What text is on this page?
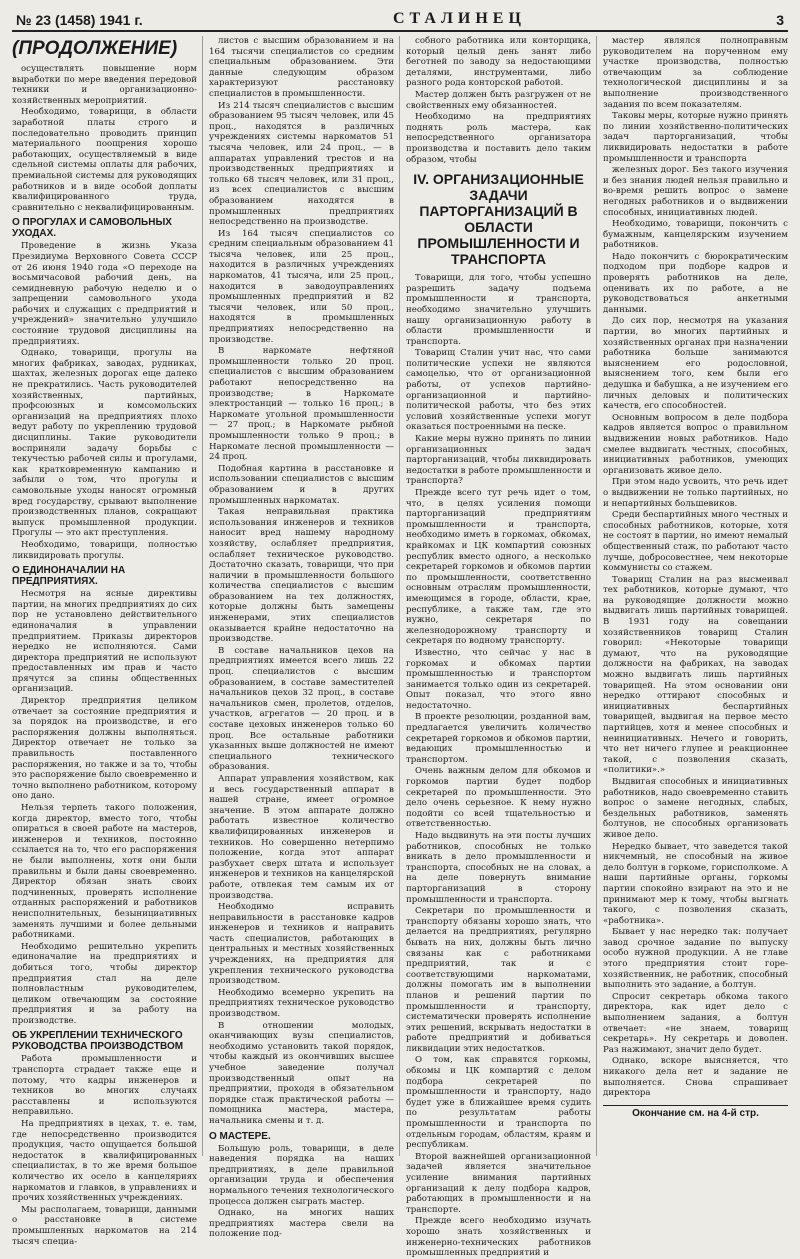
№ 23 (1458) 1941 г.	СТАЛИНЕЦ	3
(ПРОДОЛЖЕНИЕ)

осуществлять повышение норм выработки по мере введения передовой техники и организационно-хозяйственных мероприятий.

Необходимо, товарищи, в области заработной платы строго и последовательно проводить принцип материального поощрения хорошо работающих, осуществляемый в виде сдельной системы оплаты для рабочих, премиальной системы для руководящих работников и в виде особой доплаты квалифицированного труда, сравнительно с неквалифицированным.

О ПРОГУЛАХ И САМОВОЛЬНЫХ УХОДАХ.

Проведение в жизнь Указа Президиума Верховного Совета СССР от 26 июня 1940 года «О переходе на восьмичасовой рабочий день, на семидневную рабочую неделю и о запрещении самовольного ухода рабочих и служащих с предприятий и учреждений» значительно улучшило состояние трудовой дисциплины на предприятиях.

Однако, товарищи, прогулы на многих фабриках, заводах, рудниках, шахтах, железных дорогах еще далеко не прекратились. Часть руководителей хозяйственных, партийных, профсоюзных и комсомольских организаций на предприятиях плохо ведут работу по укреплению трудовой дисциплины. Такие руководители восприняли задачу борьбы с текучестью рабочей силы и прогулами, как кратковременную кампанию и забыли о том, что прогулы и самовольные уходы наносят огромный вред государству, срывают выполнение производственных планов, сокращают выпуск промышленной продукции. Прогулы — это акт преступления.

Необходимо, товарищи, полностью ликвидировать прогулы.

О ЕДИНОНАЧАЛИИ НА ПРЕДПРИЯТИЯХ.

Несмотря на ясные директивы партии, на многих предприятиях до сих пор не установлено действительного единоначалия в управлении предприятием. Приказы директоров нередко не исполняются. Сами директора предприятий не используют предоставленных им прав и часто прячутся за спины общественных организаций.

Директор предприятия целиком отвечает за состояние предприятия и за порядок на производстве, и его распоряжения должны выполняться. Директор отвечает не только за правильность поставленного распоряжения, но также и за то, чтобы это распоряжение было своевременно и точно выполнено работником, которому оно дано.

Нельзя терпеть такого положения, когда директор, вместо того, чтобы опираться в своей работе на мастеров, инженеров и техников, постоянно ссылается на то, что его распоряжения не были выполнены, хотя они были правильны и были даны своевременно. Директор обязан знать своих подчиненных, проверять исполнение отданных распоряжений и работников неисполнительных, безынициативных заменять лучшими и более дельными работниками.

Необходимо решительно укрепить единоначалие на предприятиях и добиться того, чтобы директор предприятия стал на деле полновластным руководителем, целиком отвечающим за состояние предприятия и за работу на производстве.

ОБ УКРЕПЛЕНИИ ТЕХНИЧЕСКОГО РУКОВОДСТВА ПРОИЗВОДСТВОМ

Работа промышленности и транспорта страдает также еще и потому, что кадры инженеров и техников во многих случаях расставлены и используются неправильно.

На предприятиях в цехах, т. е. там, где непосредственно производится продукция, часто ощущается большой недостаток в квалифицированных специалистах, в то же время большое количество их осело в канцеляриях наркоматов и главков, в управлениях и прочих хозяйственных учреждениях.

Мы располагаем, товарищи, данными о расстановке в системе промышленных наркоматов на 214 тысяч специа-

листов с высшим образованием и на 164 тысячи специалистов со средним специальным образованием. Эти данные следующим образом характеризуют расстановку специалистов в промышленности.

Из 214 тысяч специалистов с высшим образованием 95 тысяч человек, или 45 проц., находятся в различных учреждениях системы наркоматов 51 тысяча человек, или 24 проц., — в аппаратах управлений трестов и на производственных предприятиях и только 68 тысяч человек, или 31 проц., из всех специалистов с высшим образованием находятся в промышленных предприятиях непосредственно на производстве.

Из 164 тысяч специалистов со средним специальным образованием 41 тысяча человек, или 25 проц., находится в различных учреждениях наркоматов, 41 тысяча, или 25 проц., находится в заводоуправлениях промышленных предприятий и 82 тысячи человек, или 50 проц., находятся в промышленных предприятиях непосредственно на производстве.

В наркомате нефтяной промышленности только 20 проц. специалистов с высшим образованием работают непосредственно на производстве; в Наркомате электростанций — только 16 проц.; в Наркомате угольной промышленности — 27 проц.; в Наркомате рыбной промышленности только 9 проц.; в Наркомате лесной промышленности — 24 проц.

Подобная картина в расстановке и использовании специалистов с высшим образованием и в других промышленных наркоматах.

Такая неправильная практика использования инженеров и техников наносит вред нашему народному хозяйству, ослабляет предприятия, ослабляет техническое руководство. Достаточно сказать, товарищи, что при наличии в промышленности большого количества специалистов с высшим образованием на тех должностях, которые должны быть замещены инженерами, этих специалистов оказывается крайне недостаточно на производстве.

В составе начальников цехов на предприятиях имеется всего лишь 22 проц. специалистов с высшим образованием, в составе заместителей начальников цехов 32 проц., в составе начальников смен, пролетов, отделов, участков, агрегатов — 20 проц. и в составе цеховых инженеров только 60 проц. Все остальные работники указанных выше должностей не имеют специального технического образования.

Аппарат управления хозяйством, как и весь государственный аппарат в нашей стране, имеет огромное значение. В этом аппарате должно работать известное количество квалифицированных инженеров и техников. Но совершенно нетерпимо положение, когда этот аппарат разбухает сверх штата и использует инженеров и техников на канцелярской работе, отвлекая тем самым их от производства.

Необходимо исправить неправильности в расстановке кадров инженеров и техников и направить часть специалистов, работающих в центральных и местных хозяйственных учреждениях, на предприятия для укрепления технического руководства производством.

Необходимо всемерно укрепить на предприятиях техническое руководство производством.

В отношении молодых, оканчивающих вузы специалистов, необходимо установить такой порядок, чтобы каждый из окончивших высшее учебное заведение получал производственный опыт на предприятии, проходя в обязательном порядке стаж практической работы — помощника мастера, мастера, начальника смены и т. д.

О МАСТЕРЕ.

Большую роль, товарищи, в деле наведения порядка на наших предприятиях, в деле правильной организации труда и обеспечения нормального течения технологического процесса должен сыграть мастер.

Однако, на многих наших предприятиях мастера свели на положение под-

собного работника или конторщика, который целый день занят либо беготней по заводу за недостающими деталями, инструментами, либо разного рода конторской работой.

Мастер должен быть разгружен от не свойственных ему обязанностей.

Необходимо на предприятиях поднять роль мастера, как непосредственного организатора производства и поставить дело таким образом, чтобы

IV. ОРГАНИЗАЦИОННЫЕ ЗАДАЧИ ПАРТОРГАНИЗАЦИЙ В ОБЛАСТИ ПРОМЫШЛЕННОСТИ И ТРАНСПОРТА

Товарищи, для того, чтобы успешно разрешить задачу подъема промышленности и транспорта, необходимо значительно улучшить нашу организационную работу в области промышленности и транспорта.

Товарищ Сталин учит нас, что сами политические успехи не являются самоцелью, что от организационной работы, от успехов партийно-организационной и партийно-политической работы, что без этих условий хозяйственные успехи могут оказаться построенными на песке.

Какие меры нужно принять по линии организационных задач парторганизаций, чтобы ликвидировать недостатки в работе промышленности и транспорта?

Прежде всего тут речь идет о том, что, в целях усиления помощи парторганизаций предприятиям промышленности и транспорта, необходимо иметь в горкомах, обкомах, крайкомах и ЦК компартий союзных республик вместо одного, а несколько секретарей горкомов и обкомов партии по промышленности, соответственно основным отраслям промышленности, имеющимся в городе, области, крае, республике, а также там, где это нужно, секретаря по железнодорожному транспорту и секретаря по водному транспорту.

Известно, что сейчас у нас в горкомах и обкомах партии промышленностью и транспортом занимается только один из секретарей. Опыт показал, что этого явно недостаточно.

В проекте резолюции, розданной вам, предлагается увеличить количество секретарей горкомов и обкомов партии, ведающих промышленностью и транспортом.

Очень важным делом для обкомов и горкомов партии будет подбор секретарей по промышленности. Это дело очень серьезное. К нему нужно подойти со всей тщательностью и ответственностью.

Надо выдвинуть на эти посты лучших работников, способных не только вникать в дело промышленности и транспорта, способных не на словах, а на деле повернуть внимание парторганизаций в сторону промышленности и транспорта.

Секретари по промышленности и транспорту обязаны хорошо знать, что делается на предприятиях, регулярно бывать на них, должны быть лично связаны как с работниками предприятий, так и с соответствующими наркоматами, должны помогать им в выполнении планов и решений партии по промышленности и транспорту, систематически проверять исполнение этих решений, вскрывать недостатки в работе предприятий и добиваться ликвидации этих недостатков.

О том, как справятся горкомы, обкомы и ЦК компартий с делом подбора секретарей по промышленности и транспорту, надо будет уже в ближайшее время судить по результатам работы промышленности и транспорта по отдельным городам, областям, краям и республикам.

Второй важнейшей организационной задачей является значительное усиление внимания партийных организаций к делу подбора кадров, работающих в промышленности и на транспорте.

Прежде всего необходимо изучать хорошо знать хозяйственных и инженерно-технических работников промышленных предприятий и

мастер являлся полноправным руководителем на порученном ему участке производства, полностью отвечающим за соблюдение технологической дисциплины и за выполнение производственного задания по всем показателям.

Таковы меры, которые нужно принять по линии хозяйственно-политических задач парторганизаций, чтобы ликвидировать недостатки в работе промышленности и транспорта

железных дорог. Без такого изучения и без знания людей нельзя правильно и во-время решить вопрос о замене негодных работников и о выдвижении способных, инициативных людей.

Необходимо, товарищи, покончить с бумажным, канцелярским изучением работников.

Надо покончить с бюрократическим подходом при подборе кадров и проверять работников на деле, оценивать их по работе, а не руководствоваться анкетными данными.

До сих пор, несмотря на указания партии, во многих партийных и хозяйственных органах при назначении работника больше занимаются выяснением его родословной, выяснением того, кем были его дедушка и бабушка, а не изучением его личных деловых и политических качеств, его способностей.

Основным вопросом в деле подбора кадров является вопрос о правильном выдвижении новых работников. Надо смелее выдвигать честных, способных, инициативных работников, умеющих организовать живое дело.

При этом надо усвоить, что речь идет о выдвижении не только партийных, но и непартийных большевиков.

Среди беспартийных много честных и способных работников, которые, хотя не состоят в партии, но имеют немалый общественный стаж, по работают часто лучше, добросовестнее, чем некоторые коммунисты со стажем.

Товарищ Сталин на раз высмеивал тех работников, которые думают, что на руководящие должности можно выдвигать лишь партийных товарищей. В 1931 году на совещании хозяйственников товарищ Сталин говорил: «Некоторые товарищи думают, что на руководящие должности на фабриках, на заводах можно выдвигать лишь партийных товарищей. На этом основании они нередко оттирают способных и инициативных беспартийных товарищей, выдвигая на первое место партийцев, хотя и менее способных и неинициативных. Нечего и говорить, что нет ничего глупее и реакционнее такой, с позволения сказать, «политики».»

Выдвигая способных и инициативных работников, надо своевременно ставить вопрос о замене негодных, слабых, бездельных работников, заменять болтунов, не способных организовать живое дело.

Нередко бывает, что заведется такой никчемный, не способный на живое дело болтун в горкоме, горисполкоме. А наши партийные органы, горкомы партии спокойно взирают на это и не принимают мер к тому, чтобы выгнать такого, с позволения сказать, «работника».

Бывает у нас нередко так: получает завод срочное задание по выпуску особо нужной продукции. А не главе этого предприятия стоит горе-хозяйственник, не работник, способный выполнить это задание, а болтун.

Спросит секретарь обкома такого директора, как идет дело с выполнением задания, а болтун отвечает: «не знаем, товарищ секретарь». Ну секретарь и доволен. Раз нажимают, значит дело будет.

Однако, вскоре выясняется, что никакого дела нет и задание не выполняется. Снова спрашивает директора

Окончание см. на 4-й стр.
